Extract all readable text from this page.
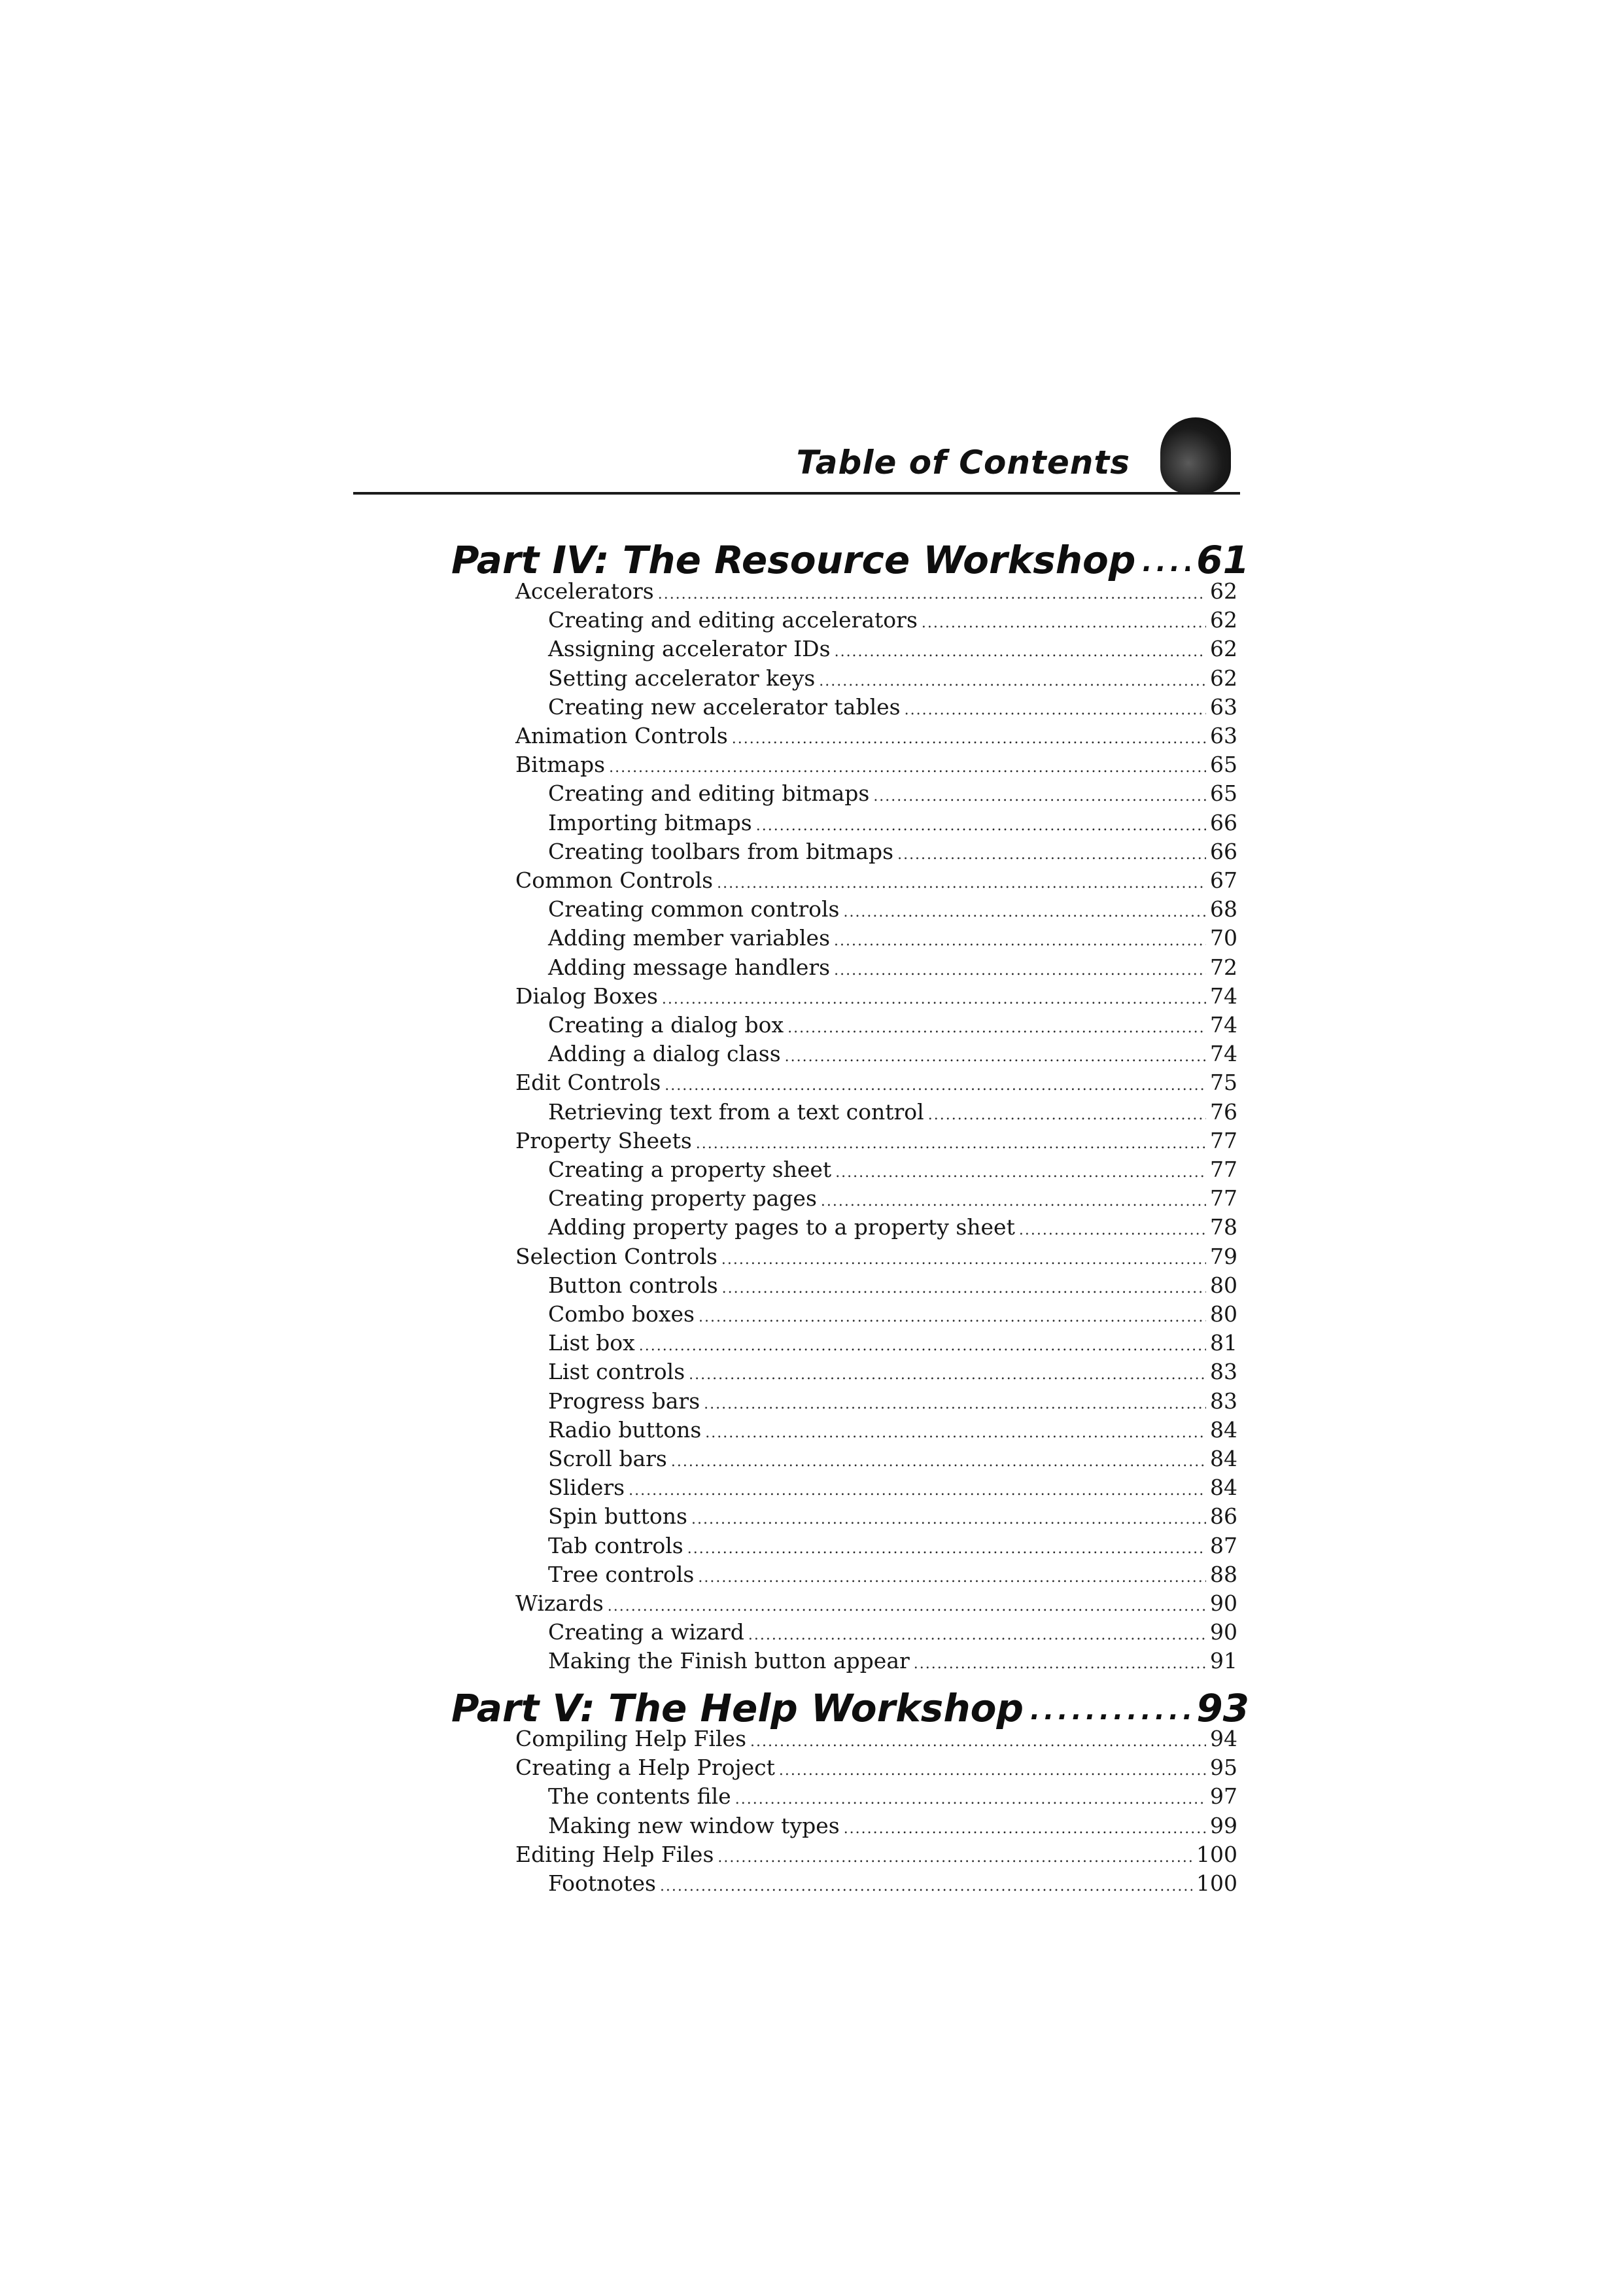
Table of Contents
Part IV: The Resource Workshop ..... 61
Accelerators .....	62
Creating and editing accelerators .....	62
Assigning accelerator IDs .....	62
Setting accelerator keys .....	62
Creating new accelerator tables .....	63
Animation Controls .....	63
Bitmaps .....	65
Creating and editing bitmaps .....	65
Importing bitmaps .....	66
Creating toolbars from bitmaps .....	66
Common Controls .....	67
Creating common controls .....	68
Adding member variables .....	70
Adding message handlers .....	72
Dialog Boxes .....	74
Creating a dialog box .....	74
Adding a dialog class .....	74
Edit Controls .....	75
Retrieving text from a text control .....	76
Property Sheets .....	77
Creating a property sheet .....	77
Creating property pages .....	77
Adding property pages to a property sheet .....	78
Selection Controls .....	79
Button controls .....	80
Combo boxes .....	80
List box .....	81
List controls .....	83
Progress bars .....	83
Radio buttons .....	84
Scroll bars .....	84
Sliders .....	84
Spin buttons .....	86
Tab controls .....	87
Tree controls .....	88
Wizards .....	90
Creating a wizard .....	90
Making the Finish button appear .....	91
Part V: The Help Workshop .....	93
Compiling Help Files .....	94
Creating a Help Project .....	95
The contents file .....	97
Making new window types .....	99
Editing Help Files .....	100
Footnotes .....	100
